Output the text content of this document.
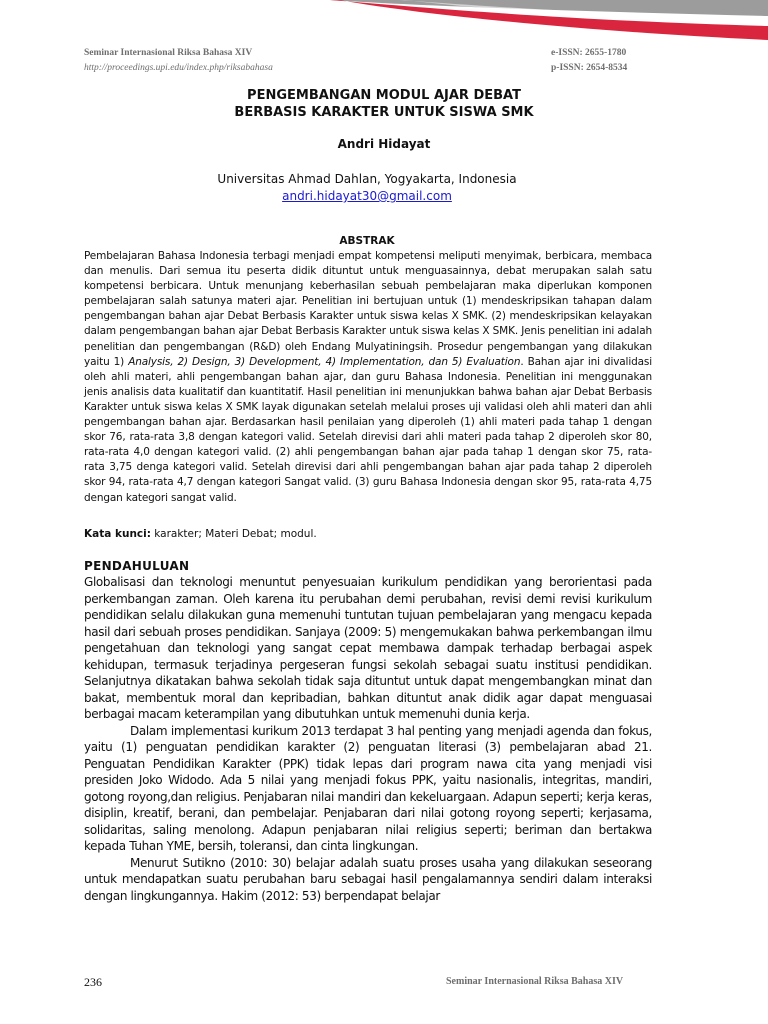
Seminar Internasional Riksa Bahasa XIV
http://proceedings.upi.edu/index.php/riksabahasa
e-ISSN: 2655-1780
p-ISSN: 2654-8534
PENGEMBANGAN MODUL AJAR DEBAT
BERBASIS KARAKTER UNTUK SISWA SMK
Andri Hidayat
Universitas Ahmad Dahlan, Yogyakarta, Indonesia
andri.hidayat30@gmail.com
ABSTRAK
Pembelajaran Bahasa Indonesia terbagi menjadi empat kompetensi meliputi menyimak, berbicara, membaca dan menulis. Dari semua itu peserta didik dituntut untuk menguasainnya, debat merupakan salah satu kompetensi berbicara. Untuk menunjang keberhasilan sebuah pembelajaran maka diperlukan komponen pembelajaran salah satunya materi ajar. Penelitian ini bertujuan untuk (1) mendeskripsikan tahapan dalam pengembangan bahan ajar Debat Berbasis Karakter untuk siswa kelas X SMK. (2) mendeskripsikan kelayakan dalam pengembangan bahan ajar Debat Berbasis Karakter untuk siswa kelas X SMK. Jenis penelitian ini adalah penelitian dan pengembangan (R&D) oleh Endang Mulyatiningsih. Prosedur pengembangan yang dilakukan yaitu 1) Analysis, 2) Design, 3) Development, 4) Implementation, dan 5) Evaluation. Bahan ajar ini divalidasi oleh ahli materi, ahli pengembangan bahan ajar, dan guru Bahasa Indonesia. Penelitian ini menggunakan jenis analisis data kualitatif dan kuantitatif. Hasil penelitian ini menunjukkan bahwa bahan ajar Debat Berbasis Karakter untuk siswa kelas X SMK layak digunakan setelah melalui proses uji validasi oleh ahli materi dan ahli pengembangan bahan ajar. Berdasarkan hasil penilaian yang diperoleh (1) ahli materi pada tahap 1 dengan skor 76, rata-rata 3,8 dengan kategori valid. Setelah direvisi dari ahli materi pada tahap 2 diperoleh skor 80, rata-rata 4,0 dengan kategori valid. (2) ahli pengembangan bahan ajar pada tahap 1 dengan skor 75, rata-rata 3,75 denga kategori valid. Setelah direvisi dari ahli pengembangan bahan ajar pada tahap 2 diperoleh skor 94, rata-rata 4,7 dengan kategori Sangat valid. (3) guru Bahasa Indonesia dengan skor 95, rata-rata 4,75 dengan kategori sangat valid.
Kata kunci: karakter; Materi Debat; modul.
PENDAHULUAN

Globalisasi dan teknologi menuntut penyesuaian kurikulum pendidikan yang berorientasi pada perkembangan zaman. Oleh karena itu perubahan demi perubahan, revisi demi revisi kurikulum pendidikan selalu dilakukan guna memenuhi tuntutan tujuan pembelajaran yang mengacu kepada hasil dari sebuah proses pendidikan. Sanjaya (2009: 5) mengemukakan bahwa perkembangan ilmu pengetahuan dan teknologi yang sangat cepat membawa dampak terhadap berbagai aspek kehidupan, termasuk terjadinya pergeseran fungsi sekolah sebagai suatu institusi pendidikan. Selanjutnya dikatakan bahwa sekolah tidak saja dituntut untuk dapat mengembangkan minat dan bakat, membentuk moral dan kepribadian, bahkan dituntut anak didik agar dapat menguasai berbagai macam keterampilan yang dibutuhkan untuk memenuhi dunia kerja.

Dalam implementasi kurikum 2013 terdapat 3 hal penting yang menjadi agenda dan fokus, yaitu (1) penguatan pendidikan karakter (2) penguatan literasi (3) pembelajaran abad 21. Penguatan Pendidikan Karakter (PPK) tidak lepas dari program nawa cita yang menjadi visi presiden Joko Widodo. Ada 5 nilai yang menjadi fokus PPK, yaitu nasionalis, integritas, mandiri, gotong royong,dan religius. Penjabaran nilai mandiri dan kekeluargaan. Adapun seperti; kerja keras, disiplin, kreatif, berani, dan pembelajar. Penjabaran dari nilai gotong royong seperti; kerjasama, solidaritas, saling menolong. Adapun penjabaran nilai religius seperti; beriman dan bertakwa kepada Tuhan YME, bersih, toleransi, dan cinta lingkungan.

Menurut Sutikno (2010: 30) belajar adalah suatu proses usaha yang dilakukan seseorang untuk mendapatkan suatu perubahan baru sebagai hasil pengalamannya sendiri dalam interaksi dengan lingkungannya. Hakim (2012: 53) berpendapat belajar

236	Seminar Internasional Riksa Bahasa XIV
